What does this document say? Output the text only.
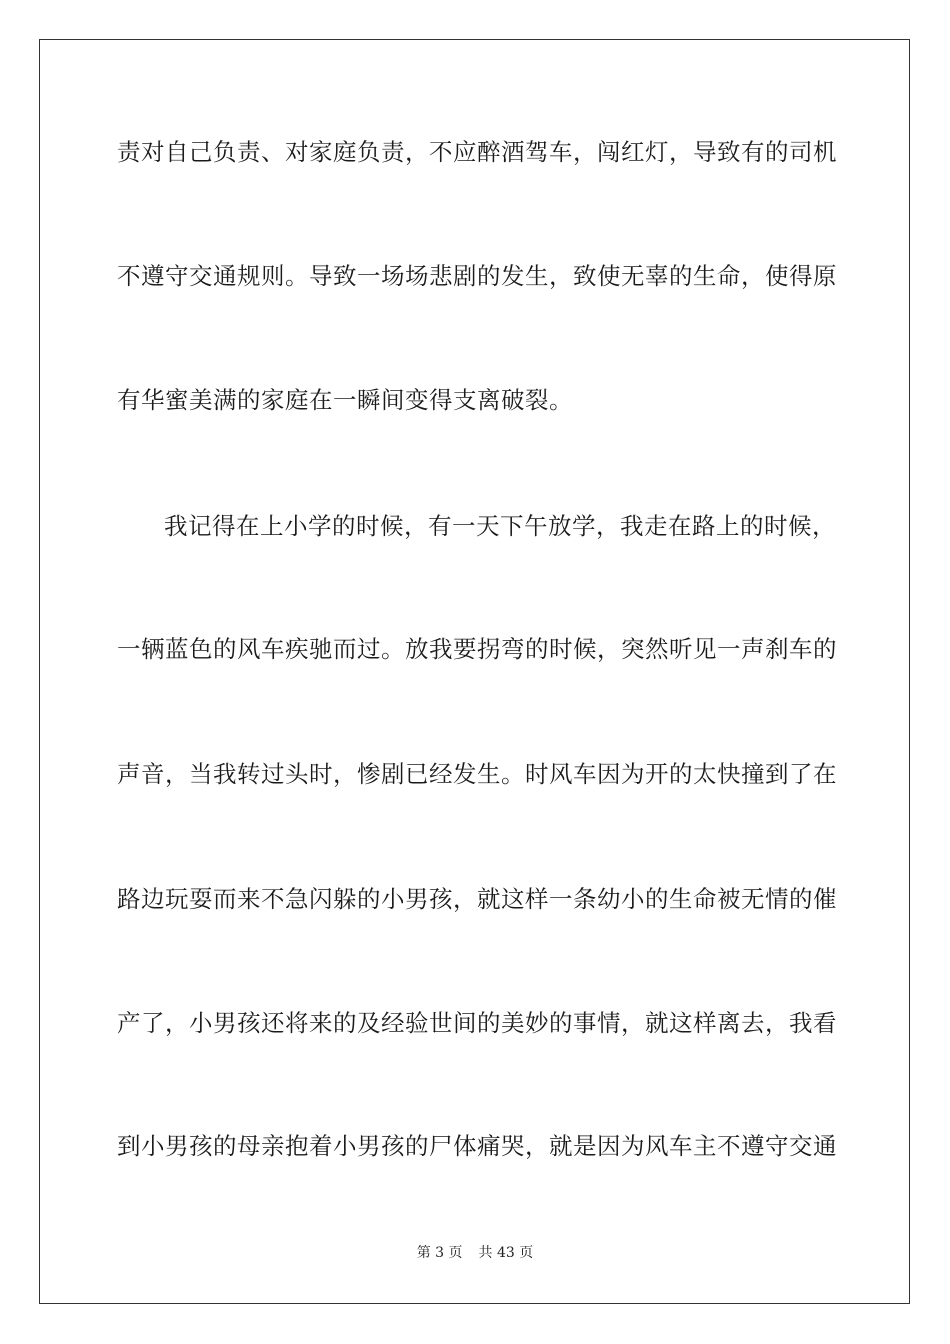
责对自己负责、对家庭负责，不应醉酒驾车，闯红灯，导致有的司机
不遵守交通规则。导致一场场悲剧的发生，致使无辜的生命，使得原
有华蜜美满的家庭在一瞬间变得支离破裂。
我记得在上小学的时候，有一天下午放学，我走在路上的时候，
一辆蓝色的风车疾驰而过。放我要拐弯的时候，突然听见一声刹车的
声音，当我转过头时，惨剧已经发生。时风车因为开的太快撞到了在
路边玩耍而来不急闪躲的小男孩，就这样一条幼小的生命被无情的催
产了，小男孩还将来的及经验世间的美妙的事情，就这样离去，我看
到小男孩的母亲抱着小男孩的尸体痛哭，就是因为风车主不遵守交通
第 3 页 共 43 页
